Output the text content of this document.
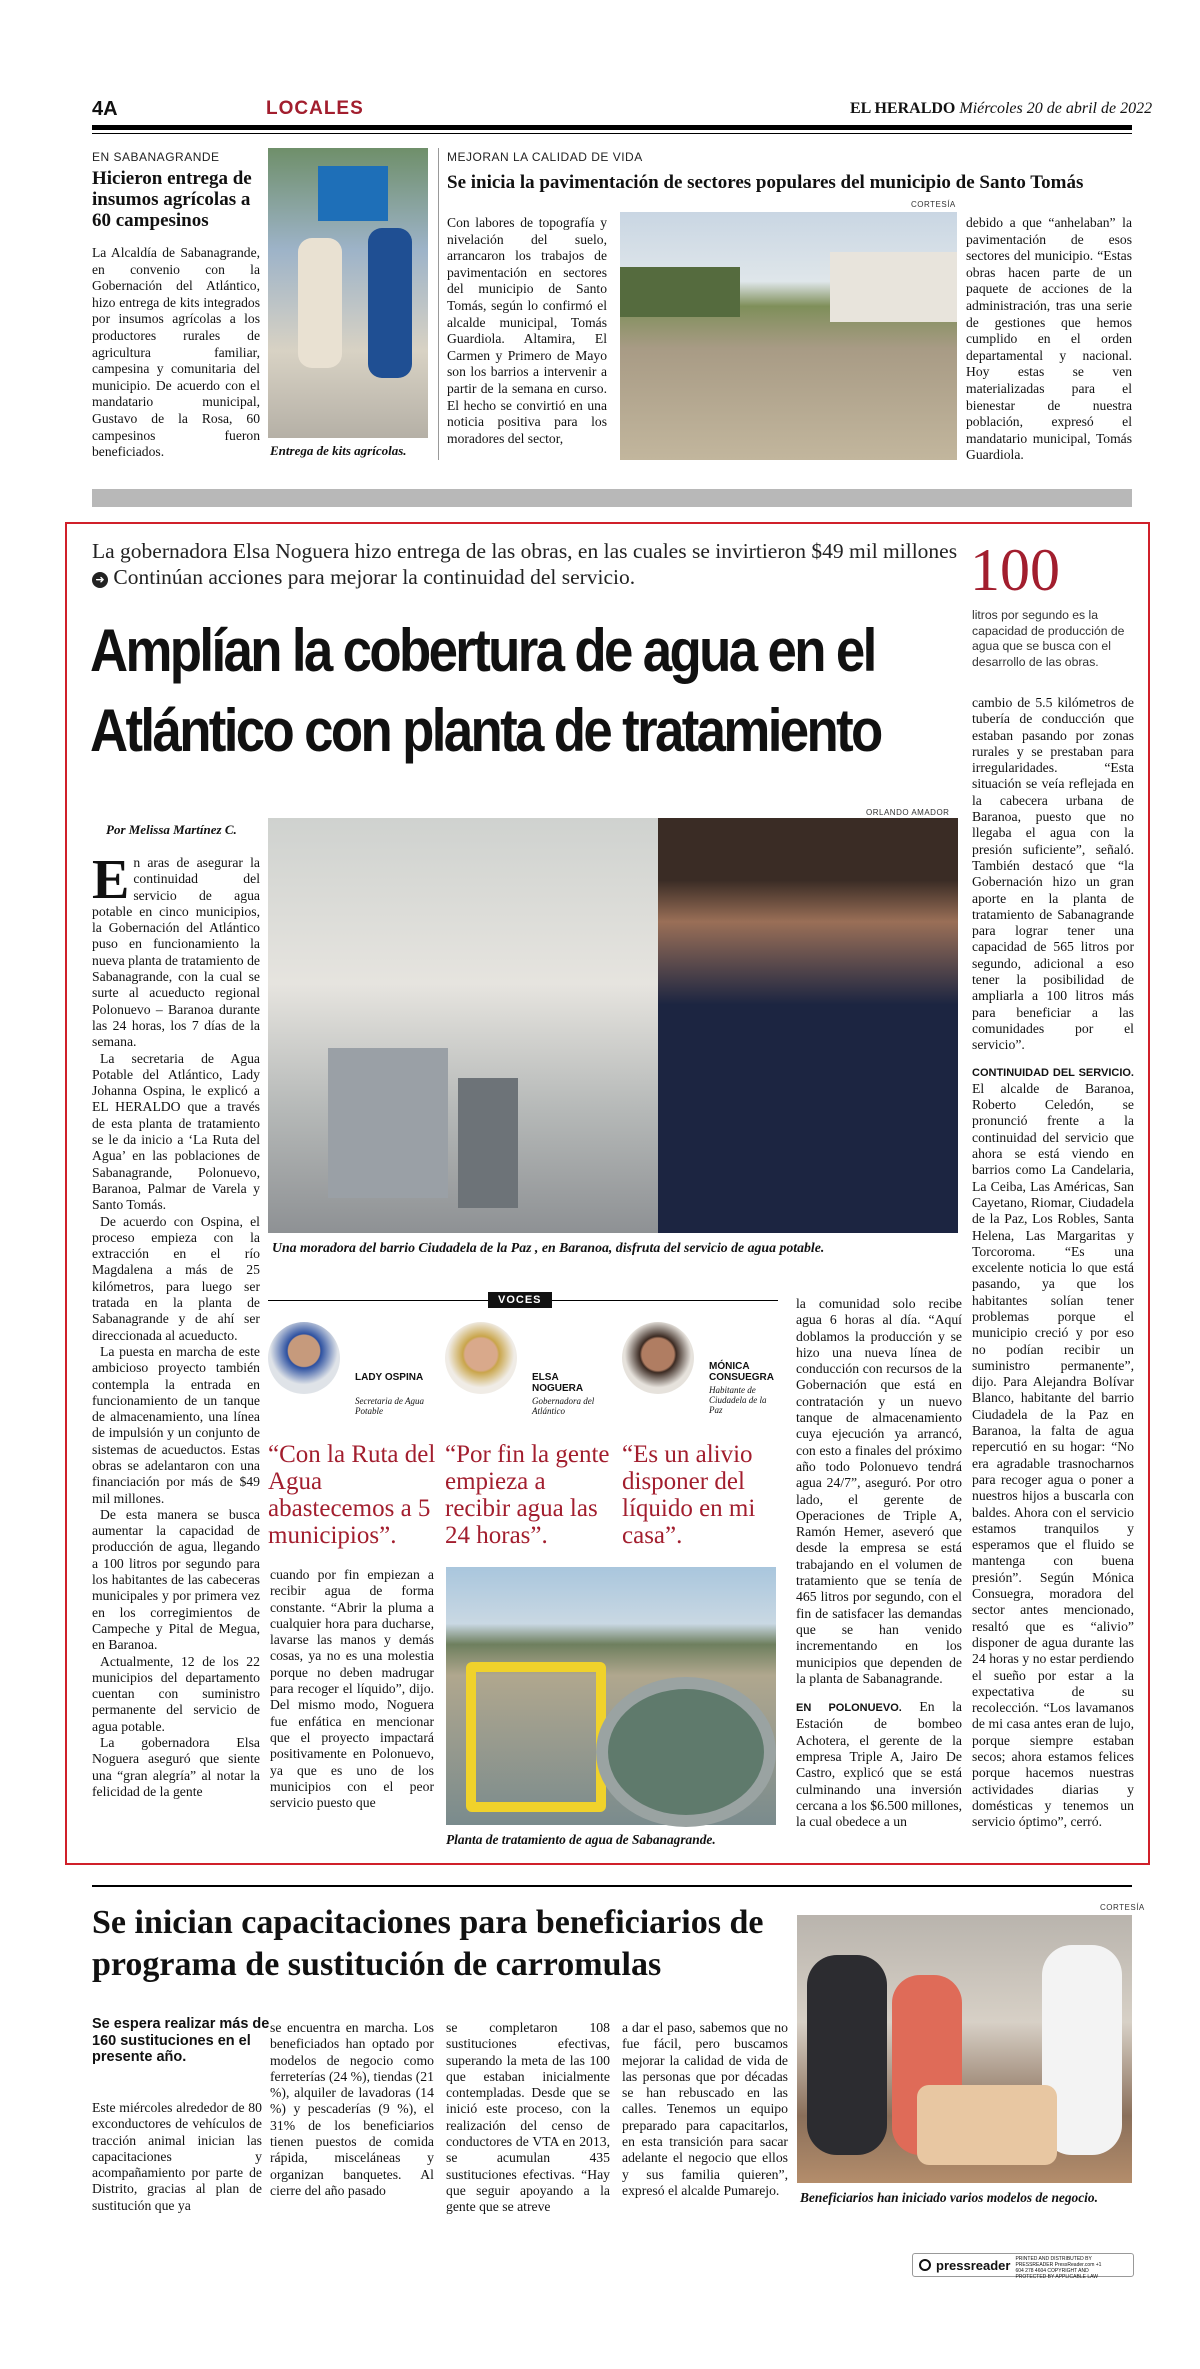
4A	LOCALES	EL HERALDO Miércoles 20 de abril de 2022
EN SABANAGRANDE
Hicieron entrega de insumos agrícolas a 60 campesinos
La Alcaldía de Sabanagrande, en convenio con la Gobernación del Atlántico, hizo entrega de kits integrados por insumos agrícolas a los productores rurales de agricultura familiar, campesina y comunitaria del municipio. De acuerdo con el mandatario municipal, Gustavo de la Rosa, 60 campesinos fueron beneficiados.	Entrega de kits agrícolas.
MEJORAN LA CALIDAD DE VIDA
Se inicia la pavimentación de sectores populares del municipio de Santo Tomás
CORTESÍA
Con labores de topografía y nivelación del suelo, arrancaron los trabajos de pavimentación en sectores del municipio de Santo Tomás, según lo confirmó el alcalde municipal, Tomás Guardiola. Altamira, El Carmen y Primero de Mayo son los barrios a intervenir a partir de la semana en curso. El hecho se convirtió en una noticia positiva para los moradores del sector,
debido a que “anhelaban” la pavimentación de esos sectores del municipio. “Estas obras hacen parte de un paquete de acciones de la administración, tras una serie de gestiones que hemos cumplido en el orden departamental y nacional. Hoy estas se ven materializadas para el bienestar de nuestra población, expresó el mandatario municipal, Tomás Guardiola.
La gobernadora Elsa Noguera hizo entrega de las obras, en las cuales se invirtieron $49 mil millones ➜ Continúan acciones para mejorar la continuidad del servicio.	100
litros por segundo es la capacidad de producción de agua que se busca con el desarrollo de las obras.
Amplían la cobertura de agua en el
Atlántico con planta de tratamiento
Por Melissa Martínez C.
ORLANDO AMADOR
Una moradora del barrio Ciudadela de la Paz , en Baranoa, disfruta del servicio de agua potable.
En aras de asegurar la continuidad del servicio de agua potable en cinco municipios, la Gobernación del Atlántico puso en funcionamiento la nueva planta de tratamiento de Sabanagrande, con la cual se surte al acueducto regional Polonuevo – Baranoa durante las 24 horas, los 7 días de la semana.

La secretaria de Agua Potable del Atlántico, Lady Johanna Ospina, le explicó a EL HERALDO que a través de esta planta de tratamiento se le da inicio a ‘La Ruta del Agua’ en las poblaciones de Sabanagrande, Polonuevo, Baranoa, Palmar de Varela y Santo Tomás.

De acuerdo con Ospina, el proceso empieza con la extracción en el río Magdalena a más de 25 kilómetros, para luego ser tratada en la planta de Sabanagrande y de ahí ser direccionada al acueducto.

La puesta en marcha de este ambicioso proyecto también contempla la entrada en funcionamiento de un tanque de almacenamiento, una línea de impulsión y un conjunto de sistemas de acueductos. Estas obras se adelantaron con una financiación por más de $49 mil millones.

De esta manera se busca aumentar la capacidad de producción de agua, llegando a 100 litros por segundo para los habitantes de las cabeceras municipales y por primera vez en los corregimientos de Campeche y Pital de Megua, en Baranoa.

Actualmente, 12 de los 22 municipios del departamento cuentan con suministro permanente del servicio de agua potable.

La gobernadora Elsa Noguera aseguró que siente una “gran alegría” al notar la felicidad de la gente

VOCES
LADY OSPINA
Secretaria de Agua Potable
“Con la Ruta del Agua abastecemos a 5 municipios”.
ELSA NOGUERA
Gobernadora del Atlántico
“Por fin la gente empieza a recibir agua las 24 horas”.
MÓNICA CONSUEGRA
Habitante de Ciudadela de la Paz
“Es un alivio disponer del líquido en mi casa”.
cuando por fin empiezan a recibir agua de forma constante. “Abrir la pluma a cualquier hora para ducharse, lavarse las manos y demás cosas, ya no es una molestia porque no deben madrugar para recoger el líquido”, dijo. Del mismo modo, Noguera fue enfática en mencionar que el proyecto impactará positivamente en Polonuevo, ya que es uno de los municipios con el peor servicio puesto que
Planta de tratamiento de agua de Sabanagrande.

la comunidad solo recibe agua 6 horas al día. “Aquí doblamos la producción y se hizo una nueva línea de conducción con recursos de la Gobernación que está en contratación y un nuevo tanque de almacenamiento cuya ejecución ya arrancó, con esto a finales del próximo año todo Polonuevo tendrá agua 24/7”, aseguró. Por otro lado, el gerente de Operaciones de Triple A, Ramón Hemer, aseveró que desde la empresa se está trabajando en el volumen de tratamiento que se tenía de 465 litros por segundo, con el fin de satisfacer las demandas que se han venido incrementando en los municipios que dependen de la planta de Sabanagrande.

EN POLONUEVO. En la Estación de bombeo Achotera, el gerente de la empresa Triple A, Jairo De Castro, explicó que se está culminando una inversión cercana a los $6.500 millones, la cual obedece a un

cambio de 5.5 kilómetros de tubería de conducción que estaban pasando por zonas rurales y se prestaban para irregularidades. “Esta situación se veía reflejada en la cabecera urbana de Baranoa, puesto que no llegaba el agua con la presión suficiente”, señaló. También destacó que “la Gobernación hizo un gran aporte en la planta de tratamiento de Sabanagrande para lograr tener una capacidad de 565 litros por segundo, adicional a eso tener la posibilidad de ampliarla a 100 litros más para beneficiar a las comunidades por el servicio”.

CONTINUIDAD DEL SERVICIO. El alcalde de Baranoa, Roberto Celedón, se pronunció frente a la continuidad del servicio que ahora se está viendo en barrios como La Candelaria, La Ceiba, Las Américas, San Cayetano, Riomar, Ciudadela de la Paz, Los Robles, Santa Helena, Las Margaritas y Torcoroma. “Es una excelente noticia lo que está pasando, ya que los habitantes solían tener problemas porque el municipio creció y por eso no podían recibir un suministro permanente”, dijo. Para Alejandra Bolívar Blanco, habitante del barrio Ciudadela de la Paz en Baranoa, la falta de agua repercutió en su hogar: “No era agradable trasnocharnos para recoger agua o poner a nuestros hijos a buscarla con baldes. Ahora con el servicio estamos tranquilos y esperamos que el fluido se mantenga con buena presión”. Según Mónica Consuegra, moradora del sector antes mencionado, resaltó que es “alivio” disponer de agua durante las 24 horas y no estar perdiendo el sueño por estar a la expectativa de su recolección. “Los lavamanos de mi casa antes eran de lujo, porque siempre estaban secos; ahora estamos felices porque hacemos nuestras actividades diarias y domésticas y tenemos un servicio óptimo”, cerró.

Se inician capacitaciones para beneficiarios de programa de sustitución de carromulas
Se espera realizar más de 160 sustituciones en el presente año.
Este miércoles alrededor de 80 exconductores de vehículos de tracción animal inician las capacitaciones y acompañamiento por parte de Distrito, gracias al plan de sustitución que ya
se encuentra en marcha. Los beneficiados han optado por modelos de negocio como ferreterías (24 %), tiendas (21 %), alquiler de lavadoras (14 %) y pescaderías (9 %), el 31% de los beneficiarios tienen puestos de comida rápida, misceláneas y organizan banquetes. Al cierre del año pasado
se completaron 108 sustituciones efectivas, superando la meta de las 100 que estaban inicialmente contempladas. Desde que se inició este proceso, con la realización del censo de conductores de VTA en 2013, se acumulan 435 sustituciones efectivas. “Hay que seguir apoyando a la gente que se atreve
a dar el paso, sabemos que no fue fácil, pero buscamos mejorar la calidad de vida de las personas que por décadas se han rebuscado en las calles. Tenemos un equipo preparado para capacitarlos, en esta transición para sacar adelante el negocio que ellos y sus familia quieren”, expresó el alcalde Pumarejo.
CORTESÍA
Beneficiarios han iniciado varios modelos de negocio.
pressreader PRINTED AND DISTRIBUTED BY PRESSREADER PressReader.com +1 604 278 4604 COPYRIGHT AND PROTECTED BY APPLICABLE LAW
